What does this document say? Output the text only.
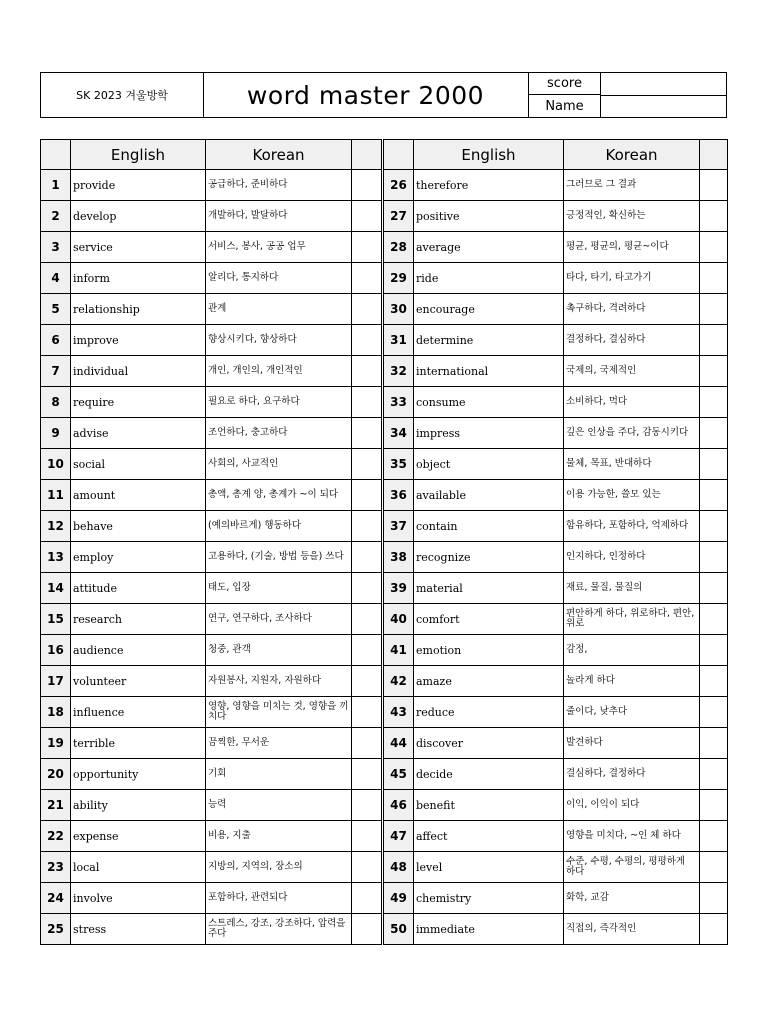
SK 2023 겨울방학	word master 2000	score
Name
	English	Korean	
1	provide	공급하다, 준비하다	
2	develop	개발하다, 발달하다	
3	service	서비스, 봉사, 공공 업무	
4	inform	알리다, 통지하다	
5	relationship	관계	
6	improve	향상시키다, 향상하다	
7	individual	개인, 개인의, 개인적인	
8	require	필요로 하다, 요구하다	
9	advise	조언하다, 충고하다	
10	social	사회의, 사교적인	
11	amount	총액, 총계 양, 총계가 ~이 되다	
12	behave	(예의바르게) 행동하다	
13	employ	고용하다, (기술, 방법 등을) 쓰다	
14	attitude	태도, 입장	
15	research	연구, 연구하다, 조사하다	
16	audience	청중, 관객	
17	volunteer	자원봉사, 지원자, 자원하다	
18	influence	영향, 영향을 미치는 것, 영향을 끼치다	
19	terrible	끔찍한, 무서운	
20	opportunity	기회	
21	ability	능력	
22	expense	비용, 지출	
23	local	지방의, 지역의, 장소의	
24	involve	포함하다, 관련되다	
25	stress	스트레스, 강조, 강조하다, 압력을 주다	
	English	Korean	
26	therefore	그러므로 그 결과	
27	positive	긍정적인, 확신하는	
28	average	평균, 평균의, 평균~이다	
29	ride	타다, 타기, 타고가기	
30	encourage	촉구하다, 격려하다	
31	determine	결정하다, 결심하다	
32	international	국제의, 국제적인	
33	consume	소비하다, 먹다	
34	impress	깊은 인상을 주다, 감동시키다	
35	object	물체, 목표, 반대하다	
36	available	이용 가능한, 쓸모 있는	
37	contain	함유하다, 포함하다, 억제하다	
38	recognize	인지하다, 인정하다	
39	material	재료, 물질, 물질의	
40	comfort	편안하게 하다, 위로하다, 편안, 위로	
41	emotion	감정,	
42	amaze	놀라게 하다	
43	reduce	줄이다, 낮추다	
44	discover	발견하다	
45	decide	결심하다, 결정하다	
46	benefit	이익, 이익이 되다	
47	affect	영향을 미치다, ~인 체 하다	
48	level	수준, 수평, 수평의, 평평하게 하다	
49	chemistry	화학, 교감	
50	immediate	직접의, 즉각적인	
